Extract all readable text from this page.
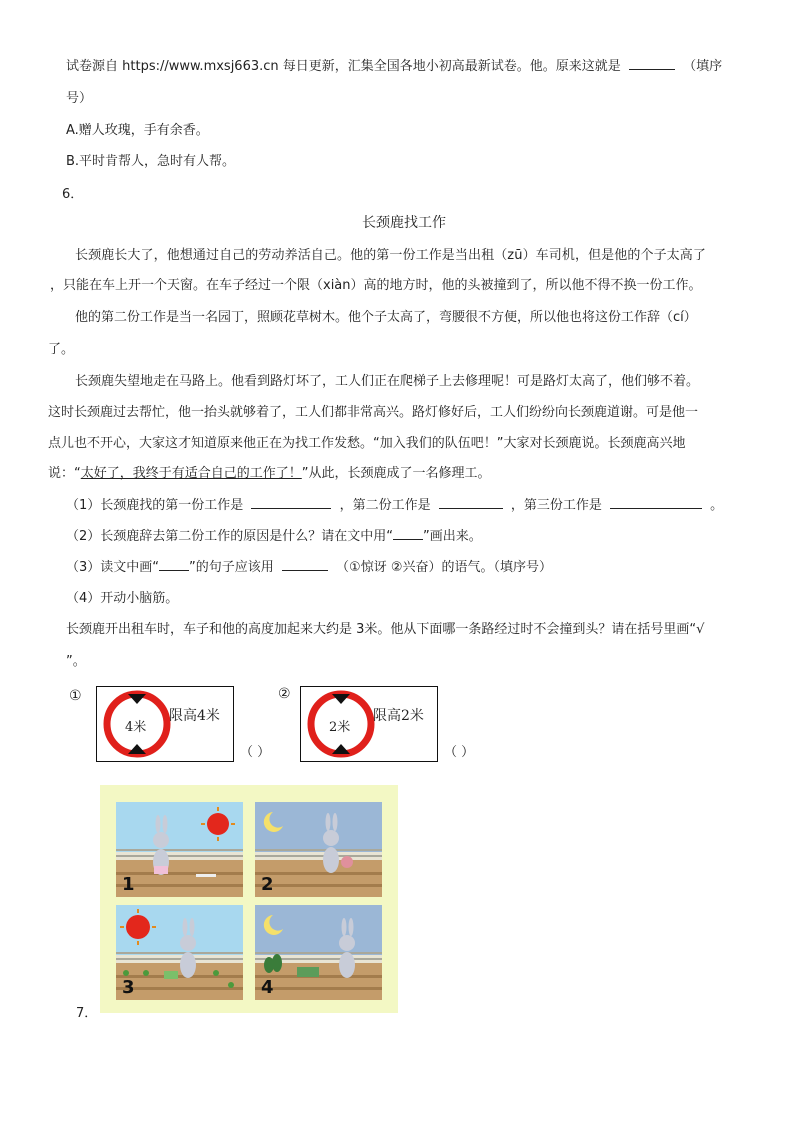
试卷源自 https://www.mxsj663.cn 每日更新，汇集全国各地小初高最新试卷。他。原来这就是	（填序
号）
A.赠人玫瑰，手有余香。
B.平时肯帮人，急时有人帮。
6．
长颈鹿找工作
长颈鹿长大了，他想通过自己的劳动养活自己。他的第一份工作是当出租（zū）车司机，但是他的个子太高了
，只能在车上开一个天窗。在车子经过一个限（xiàn）高的地方时，他的头被撞到了，所以他不得不换一份工作。
他的第二份工作是当一名园丁，照顾花草树木。他个子太高了，弯腰很不方便，所以他也将这份工作辞（cí）
了。
长颈鹿失望地走在马路上。他看到路灯坏了，工人们正在爬梯子上去修理呢！可是路灯太高了，他们够不着。
这时长颈鹿过去帮忙，他一抬头就够着了，工人们都非常高兴。路灯修好后，工人们纷纷向长颈鹿道谢。可是他一
点儿也不开心，大家这才知道原来他正在为找工作发愁。“加入我们的队伍吧！”大家对长颈鹿说。长颈鹿高兴地
说：“太好了，我终于有适合自己的工作了！”从此，长颈鹿成了一名修理工。
（1）长颈鹿找的第一份工作是	，第二份工作是	，第三份工作是	。
（2）长颈鹿辞去第二份工作的原因是什么？请在文中用“ ”画出来。
（3）读文中画“ ”的句子应该用	（①惊讶 ②兴奋）的语气。（填序号）
（4）开动小脑筋。
长颈鹿开出租车时，车子和他的高度加起来大约是 3米。他从下面哪一条路经过时不会撞到头？请在括号里画“√
”。
①
4米
限高4米
（ ）
②
2米
限高2米
（ ）
1	2
3	4
7．
